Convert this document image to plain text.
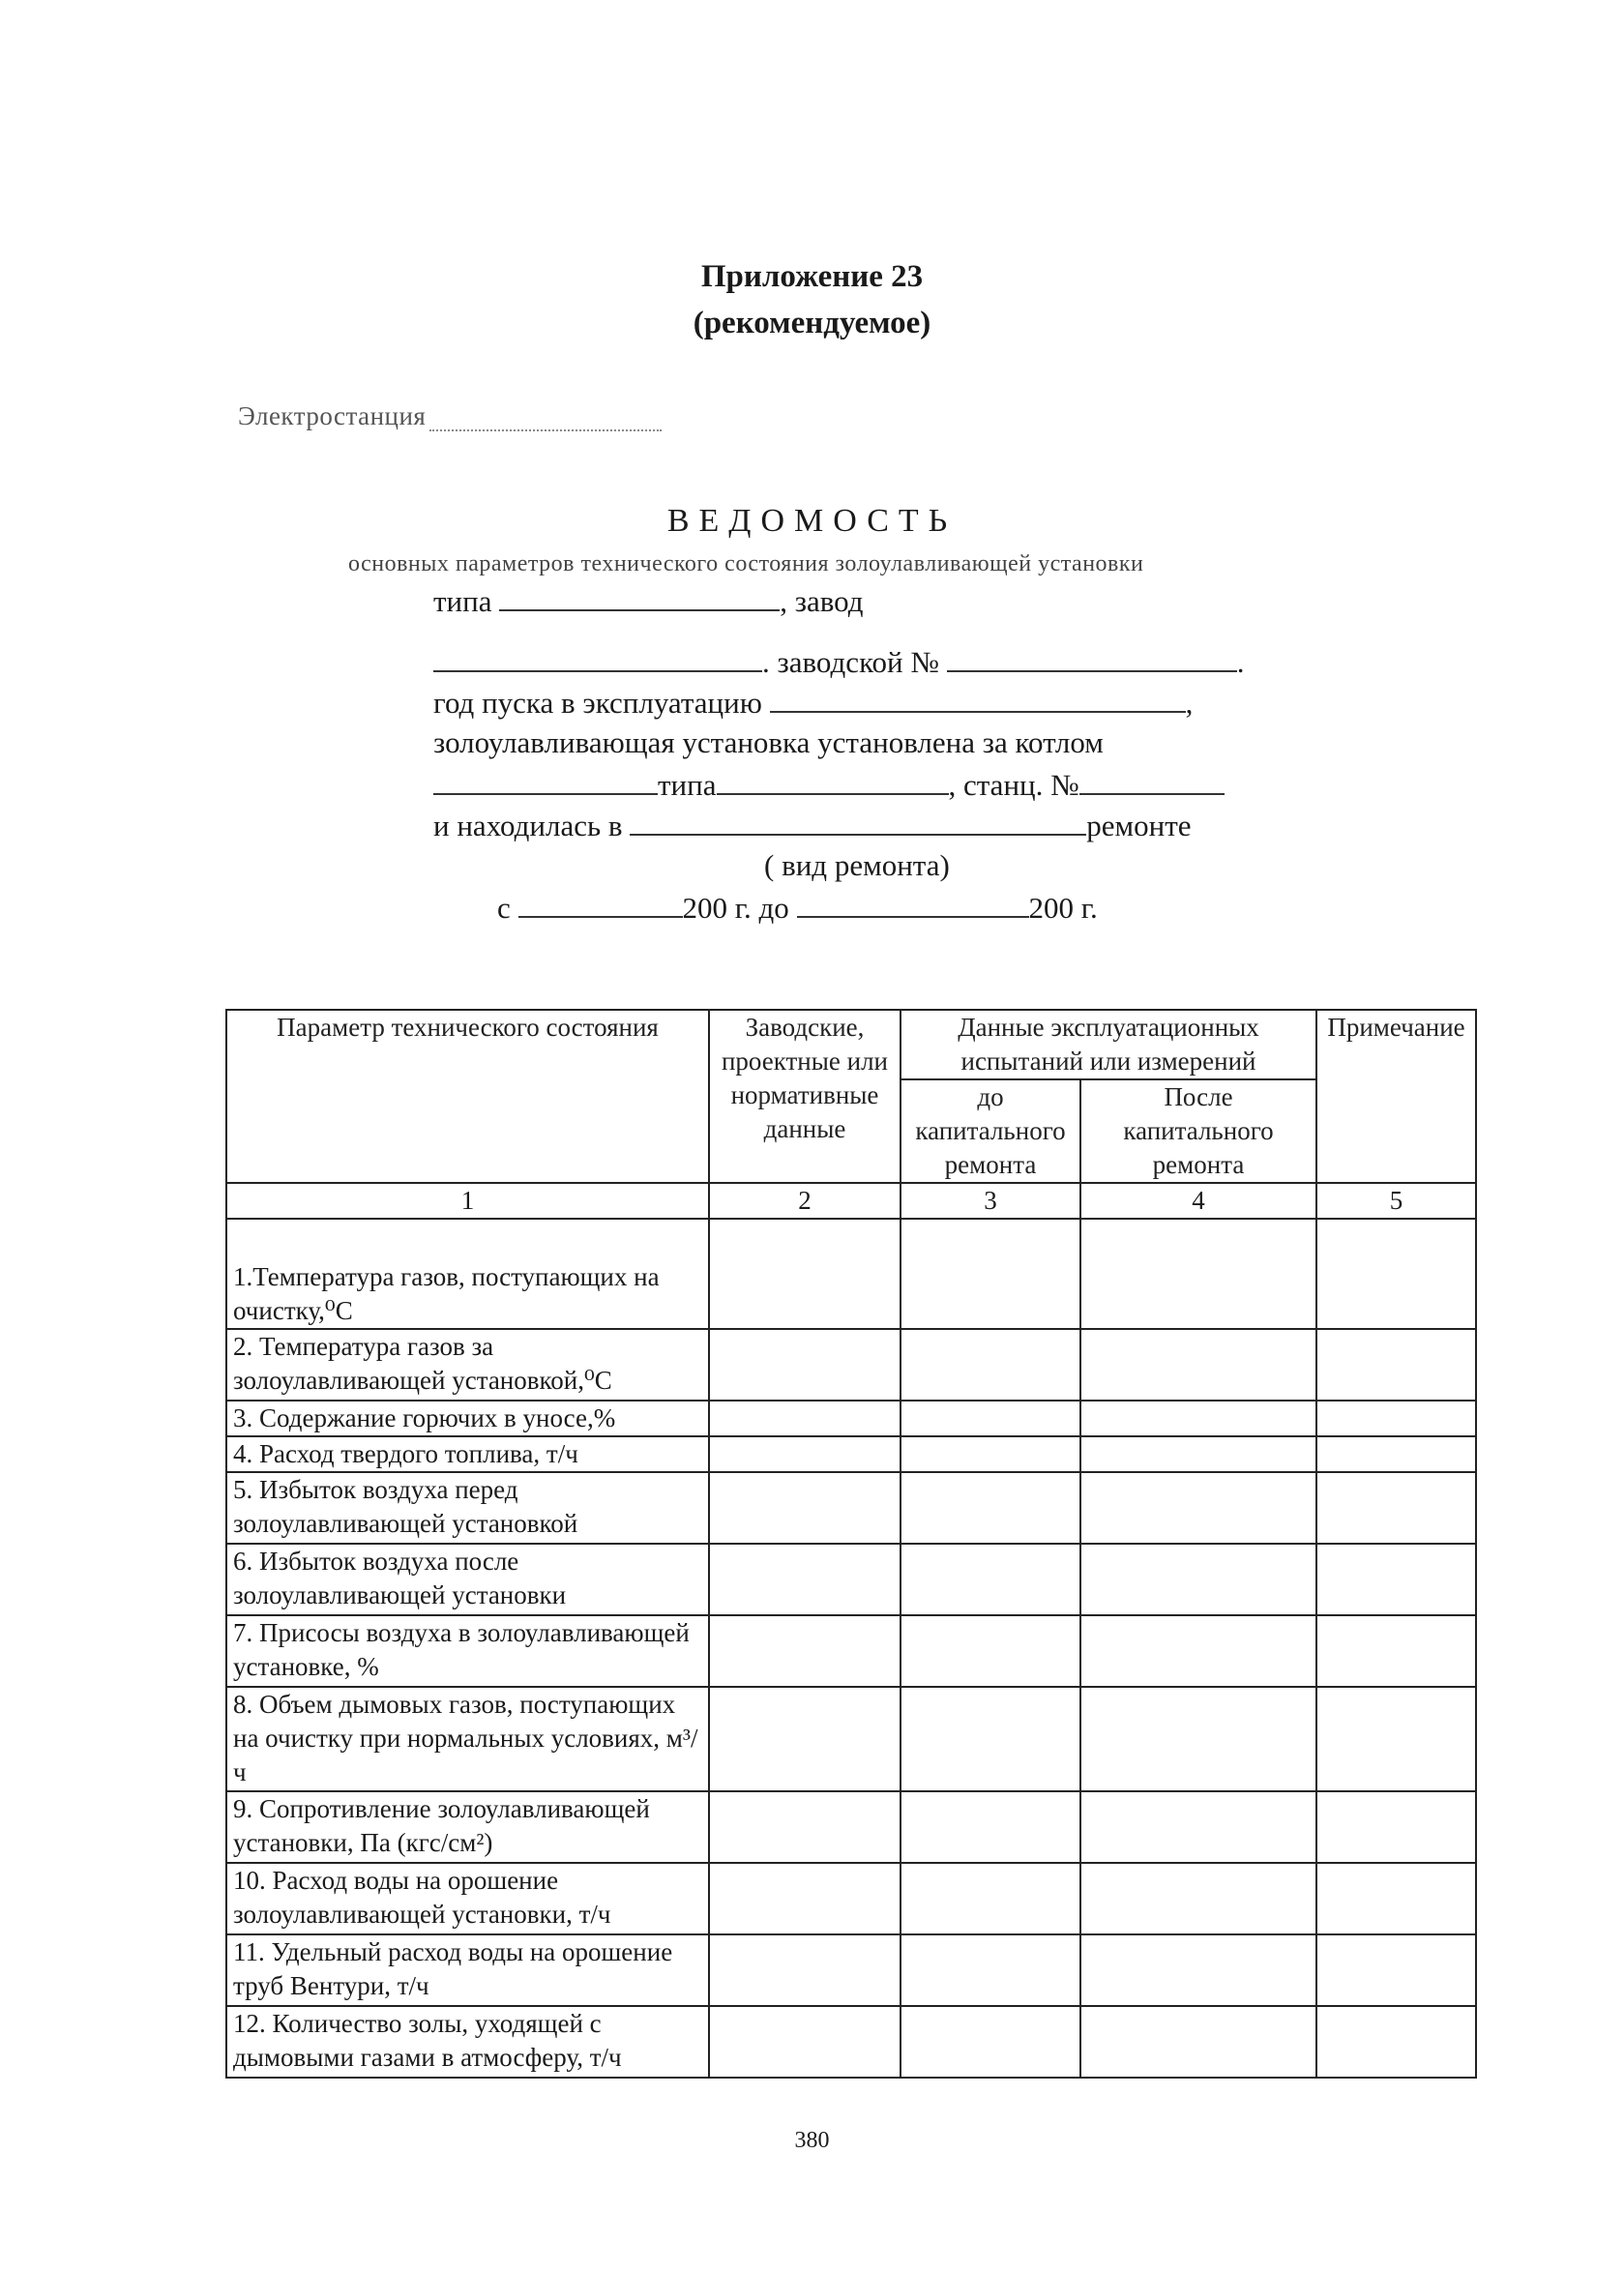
Приложение 23
(рекомендуемое)
Электростанция
ВЕДОМОСТЬ
основных параметров технического состояния золоулавливающей установки
типа	, завод
. заводской №	.
год пуска в эксплуатацию	,
золоулавливающая установка установлена за котлом
типа	, станц. №
и находилась в	ремонте
( вид ремонта)
с	200 г. до	200 г.
Параметр технического состояния	Заводские, проектные или нормативные данные	Данные эксплуатационных испытаний или измерений		Примечание
		до капитального ремонта	После капитального ремонта	
1	2	3	4	5
1.Температура газов, поступающих на очистку,⁰С				
2. Температура газов за золоулавливающей установкой,⁰С				
3. Содержание горючих в уносе,%				
4. Расход твердого топлива, т/ч				
5. Избыток воздуха перед золоулавливающей установкой				
6. Избыток воздуха после золоулавливающей установки				
7. Присосы воздуха в золоулавливающей установке, %				
8. Объем дымовых газов, поступающих на очистку при нормальных условиях, м³/ч				
9. Сопротивление золоулавливающей установки, Па (кгс/см²)				
10. Расход воды на орошение золоулавливающей установки, т/ч				
11. Удельный расход воды на орошение труб Вентури, т/ч				
12. Количество золы, уходящей с дымовыми газами в атмосферу, т/ч				
380
